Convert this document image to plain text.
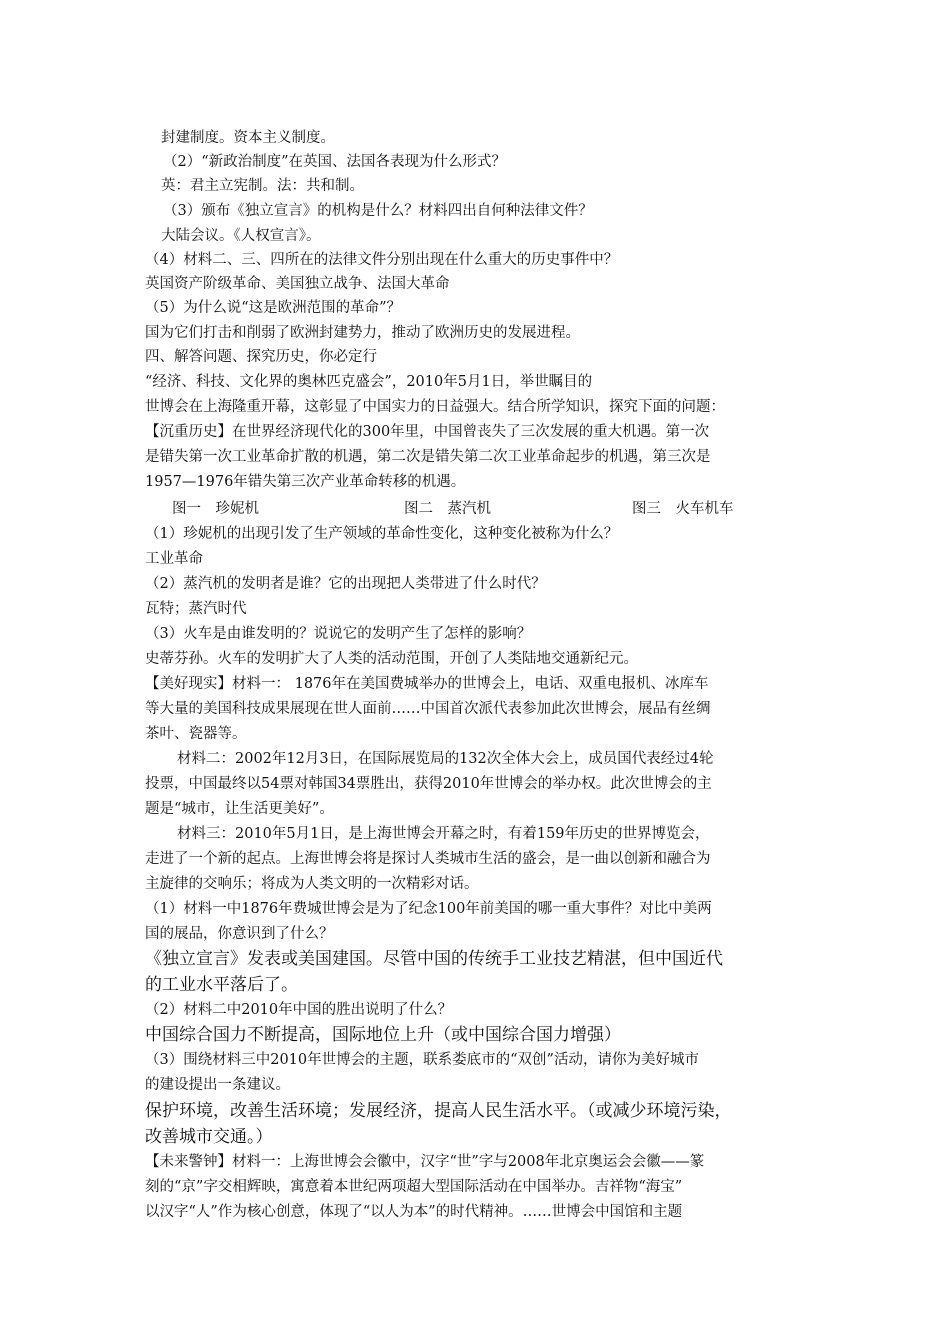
封建制度。资本主义制度。
（2）“新政治制度”在英国、法国各表现为什么形式？
英：君主立宪制。法：共和制。
（3）颁布《独立宣言》的机构是什么？材料四出自何种法律文件？
大陆会议。《人权宣言》。
（4）材料二、三、四所在的法律文件分别出现在什么重大的历史事件中？
英国资产阶级革命、美国独立战争、法国大革命
（5）为什么说“这是欧洲范围的革命”？
国为它们打击和削弱了欧洲封建势力，推动了欧洲历史的发展进程。
四、解答问题、探究历史，你必定行
“经济、科技、文化界的奥林匹克盛会”，2010年5月1日，举世瞩目的
世博会在上海隆重开幕，这彰显了中国实力的日益强大。结合所学知识，探究下面的问题：
【沉重历史】在世界经济现代化的300年里，中国曾丧失了三次发展的重大机遇。第一次
是错失第一次工业革命扩散的机遇，第二次是错失第二次工业革命起步的机遇，第三次是
1957—1976年错失第三次产业革命转移的机遇。
（1）珍妮机的出现引发了生产领域的革命性变化，这种变化被称为什么？
工业革命
（2）蒸汽机的发明者是谁？它的出现把人类带进了什么时代？
瓦特；蒸汽时代
（3）火车是由谁发明的？说说它的发明产生了怎样的影响？
史蒂芬孙。火车的发明扩大了人类的活动范围，开创了人类陆地交通新纪元。
【美好现实】材料一： 1876年在美国费城举办的世博会上，电话、双重电报机、冰库车
等大量的美国科技成果展现在世人面前……中国首次派代表参加此次世博会，展品有丝绸
茶叶、瓷器等。
材料二：2002年12月3日，在国际展览局的132次全体大会上，成员国代表经过4轮
投票，中国最终以54票对韩国34票胜出，获得2010年世博会的举办权。此次世博会的主
题是“城市，让生活更美好”。
材料三：2010年5月1日，是上海世博会开幕之时，有着159年历史的世界博览会，
走进了一个新的起点。上海世博会将是探讨人类城市生活的盛会，是一曲以创新和融合为
主旋律的交响乐；将成为人类文明的一次精彩对话。
（1）材料一中1876年费城世博会是为了纪念100年前美国的哪一重大事件？对比中美两
国的展品，你意识到了什么？
《独立宣言》发表或美国建国。尽管中国的传统手工业技艺精湛，但中国近代
的工业水平落后了。
（2）材料二中2010年中国的胜出说明了什么？
中国综合国力不断提高，国际地位上升（或中国综合国力增强）
（3）围绕材料三中2010年世博会的主题，联系娄底市的“双创”活动，请你为美好城市
的建设提出一条建议。
保护环境，改善生活环境；发展经济，提高人民生活水平。（或减少环境污染，
改善城市交通。）
【未来警钟】材料一：上海世博会会徽中，汉字“世”字与2008年北京奥运会会徽——篆
刻的“京”字交相辉映，寓意着本世纪两项超大型国际活动在中国举办。吉祥物“海宝”
以汉字“人”作为核心创意，体现了“以人为本”的时代精神。……世博会中国馆和主题
图一　珍妮机	图二　蒸汽机	图三　火车机车
